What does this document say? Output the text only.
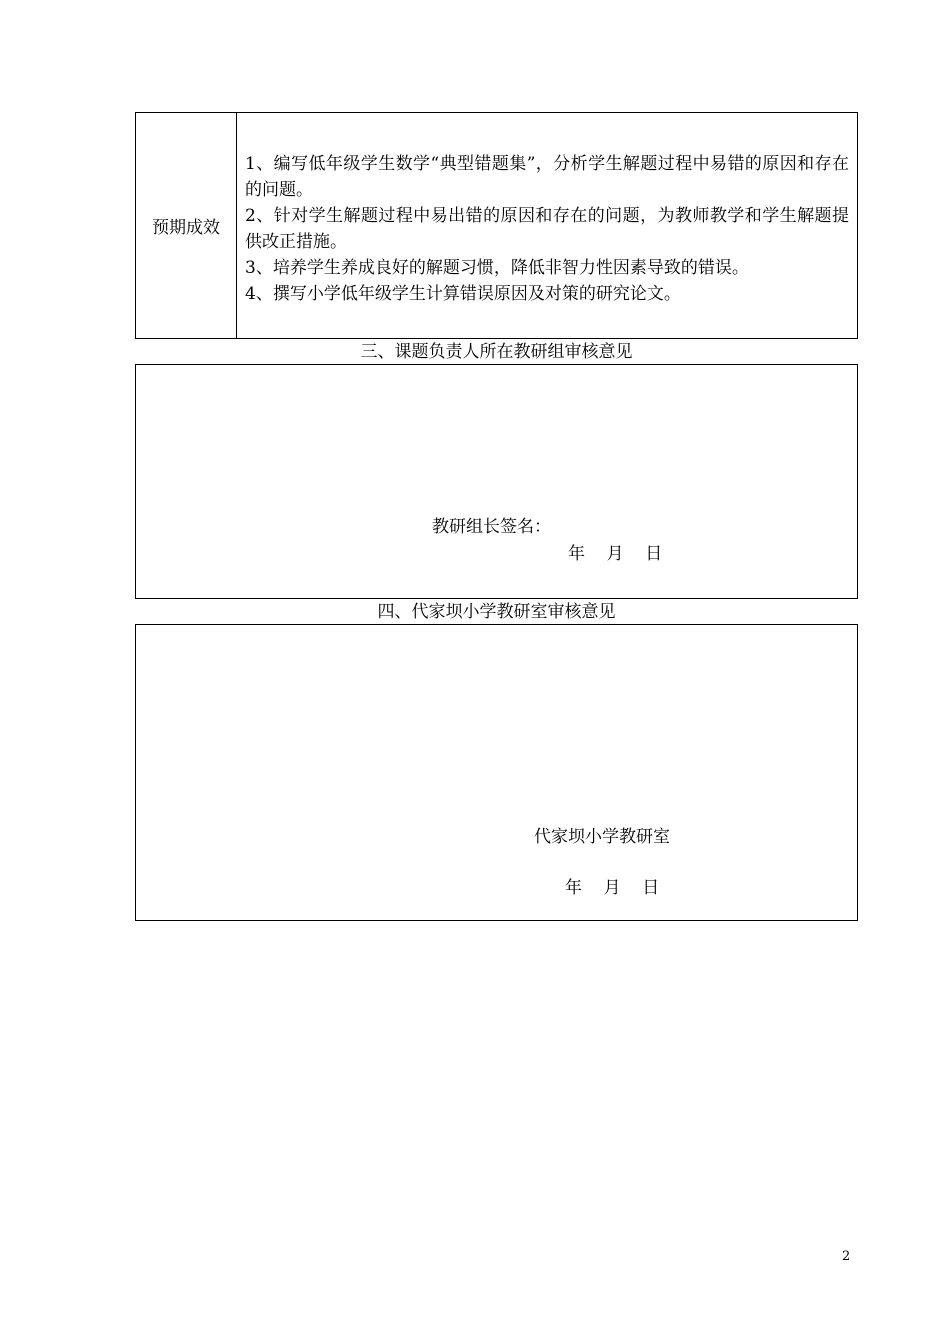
预期成效
1、编写低年级学生数学“典型错题集”，分析学生解题过程中易错的原因和存在的问题。
2、针对学生解题过程中易出错的原因和存在的问题，为教师教学和学生解题提供改正措施。
3、培养学生养成良好的解题习惯，降低非智力性因素导致的错误。
4、撰写小学低年级学生计算错误原因及对策的研究论文。
三、课题负责人所在教研组审核意见
教研组长签名：
年    月    日
四、代家坝小学教研室审核意见
代家坝小学教研室
年    月    日
2
